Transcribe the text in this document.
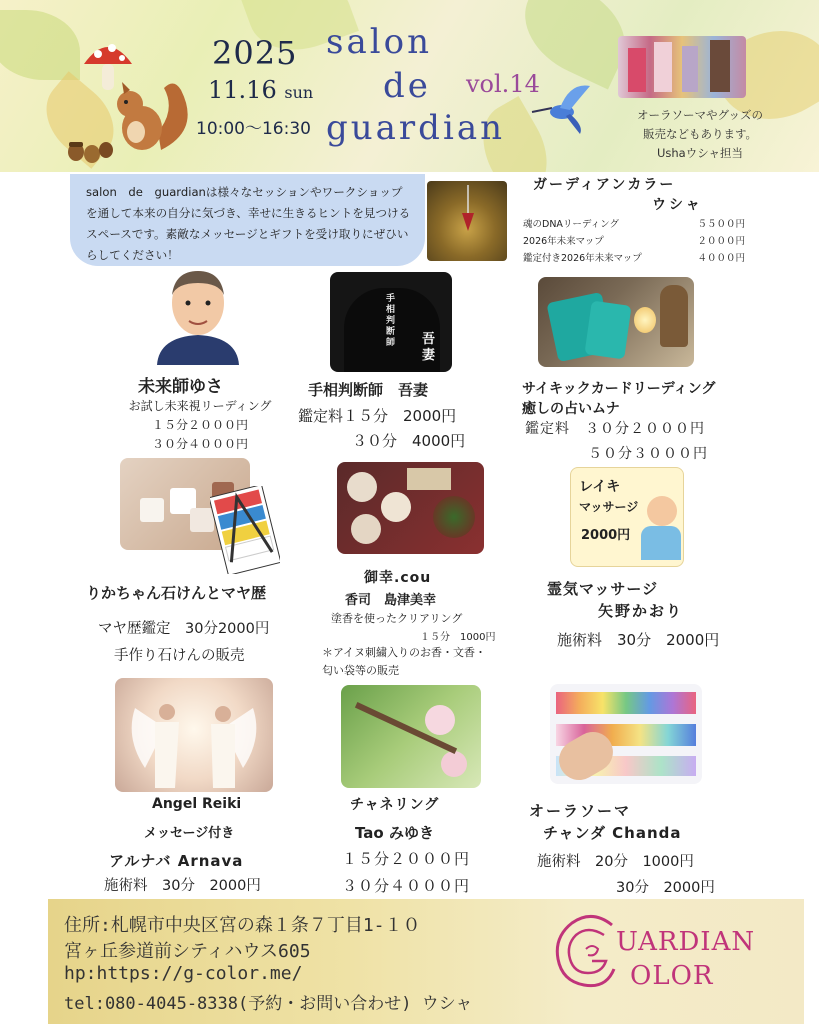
2025
11.16 sun
10:00〜16:30
salon
de
guardian
vol.14
オーラソーマやグッズの
販売などもあります。
Ushaウシャ担当
salon　de　guardianは様々なセッションやワークショップを通して本来の自分に気づき、幸せに生きるヒントを見つけるスペースです。素敵なメッセージとギフトを受け取りにぜひいらしてください！
ガーディアンカラー
ウシャ
魂のDNAリーディング	５５００円
2026年未来マップ	２０００円
鑑定付き2026年未来マップ	４０００円
未来師ゆさ
お試し未来視リーディング
１５分２０００円
３０分４０００円
手相判断師 吾妻
手相判断師　吾妻
鑑定料１５分　2000円
３０分　4000円
サイキックカードリーディング
癒しの占いムナ
鑑定料　３０分２０００円
５０分３０００円
りかちゃん石けんとマヤ歴
マヤ歴鑑定　30分2000円
手作り石けんの販売
御幸.cou
香司　島津美幸
塗香を使ったクリアリング
１５分　1000円
＊アイヌ刺繍入りのお香・文香・
匂い袋等の販売
レイキ
マッサージ
2000円
霊気マッサージ
矢野かおり
施術料　30分　2000円
Angel Reiki
メッセージ付き
アルナバ Arnava
施術料　30分　2000円
チャネリング
Tao みゆき
１５分２０００円
３０分４０００円
オーラソーマ
チャンダ Chanda
施術料　20分　1000円
30分　2000円
住所:札幌市中央区宮の森１条７丁目1-１０
宮ヶ丘参道前シティハウス605
hp:https://g-color.me/
tel:080-4045-8338(予約・お問い合わせ) ウシャ
UARDIAN
OLOR
